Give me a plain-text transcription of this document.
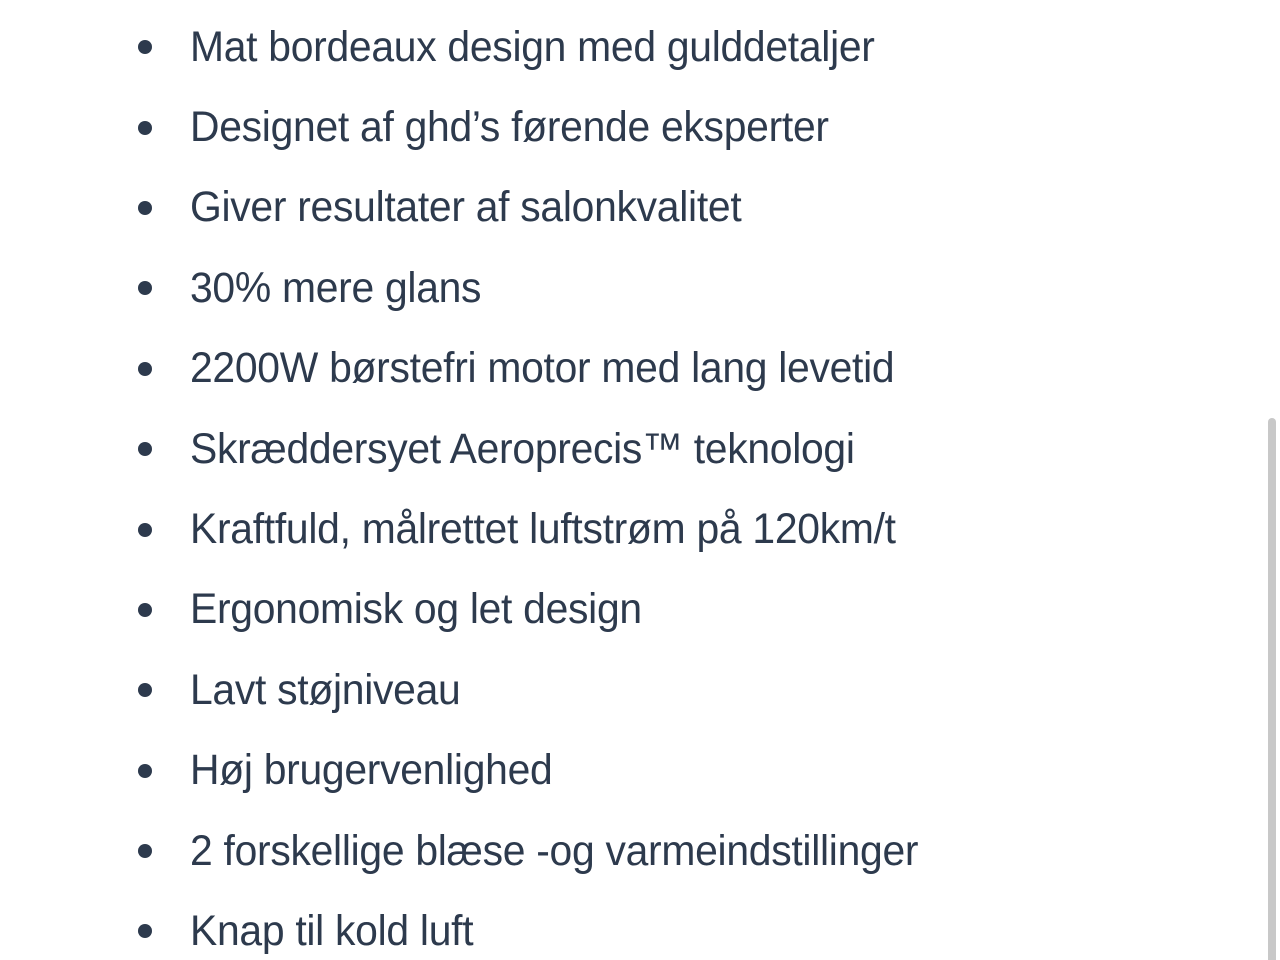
Mat bordeaux design med gulddetaljer
Designet af ghd’s førende eksperter
Giver resultater af salonkvalitet
30% mere glans
2200W børstefri motor med lang levetid
Skræddersyet Aeroprecis™ teknologi
Kraftfuld, målrettet luftstrøm på 120km/t
Ergonomisk og let design
Lavt støjniveau
Høj brugervenlighed
2 forskellige blæse -og varmeindstillinger
Knap til kold luft
